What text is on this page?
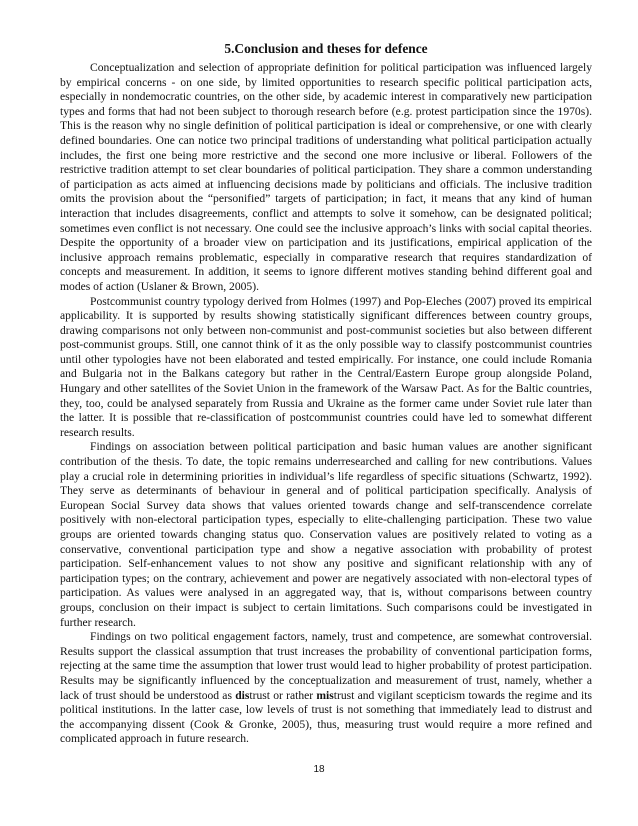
5.Conclusion and theses for defence

Conceptualization and selection of appropriate definition for political participation was influenced largely by empirical concerns - on one side, by limited opportunities to research specific political participation acts, especially in nondemocratic countries, on the other side, by academic interest in comparatively new participation types and forms that had not been subject to thorough research before (e.g. protest participation since the 1970s). This is the reason why no single definition of political participation is ideal or comprehensive, or one with clearly defined boundaries. One can notice two principal traditions of understanding what political participation actually includes, the first one being more restrictive and the second one more inclusive or liberal. Followers of the restrictive tradition attempt to set clear boundaries of political participation. They share a common understanding of participation as acts aimed at influencing decisions made by politicians and officials. The inclusive tradition omits the provision about the “personified” targets of participation; in fact, it means that any kind of human interaction that includes disagreements, conflict and attempts to solve it somehow, can be designated political; sometimes even conflict is not necessary. One could see the inclusive approach’s links with social capital theories. Despite the opportunity of a broader view on participation and its justifications, empirical application of the inclusive approach remains problematic, especially in comparative research that requires standardization of concepts and measurement. In addition, it seems to ignore different motives standing behind different goal and modes of action (Uslaner & Brown, 2005).

Postcommunist country typology derived from Holmes (1997) and Pop-Eleches (2007) proved its empirical applicability. It is supported by results showing statistically significant differences between country groups, drawing comparisons not only between non-communist and post-communist societies but also between different post-communist groups. Still, one cannot think of it as the only possible way to classify postcommunist countries until other typologies have not been elaborated and tested empirically. For instance, one could include Romania and Bulgaria not in the Balkans category but rather in the Central/Eastern Europe group alongside Poland, Hungary and other satellites of the Soviet Union in the framework of the Warsaw Pact. As for the Baltic countries, they, too, could be analysed separately from Russia and Ukraine as the former came under Soviet rule later than the latter. It is possible that re-classification of postcommunist countries could have led to somewhat different research results.

Findings on association between political participation and basic human values are another significant contribution of the thesis. To date, the topic remains underresearched and calling for new contributions. Values play a crucial role in determining priorities in individual’s life regardless of specific situations (Schwartz, 1992). They serve as determinants of behaviour in general and of political participation specifically. Analysis of European Social Survey data shows that values oriented towards change and self-transcendence correlate positively with non-electoral participation types, especially to elite-challenging participation. These two value groups are oriented towards changing status quo. Conservation values are positively related to voting as a conservative, conventional participation type and show a negative association with probability of protest participation. Self-enhancement values to not show any positive and significant relationship with any of participation types; on the contrary, achievement and power are negatively associated with non-electoral types of participation. As values were analysed in an aggregated way, that is, without comparisons between country groups, conclusion on their impact is subject to certain limitations. Such comparisons could be investigated in further research.

Findings on two political engagement factors, namely, trust and competence, are somewhat controversial. Results support the classical assumption that trust increases the probability of conventional participation forms, rejecting at the same time the assumption that lower trust would lead to higher probability of protest participation. Results may be significantly influenced by the conceptualization and measurement of trust, namely, whether a lack of trust should be understood as distrust or rather mistrust and vigilant scepticism towards the regime and its political institutions. In the latter case, low levels of trust is not something that immediately lead to distrust and the accompanying dissent (Cook & Gronke, 2005), thus, measuring trust would require a more refined and complicated approach in future research.

18
